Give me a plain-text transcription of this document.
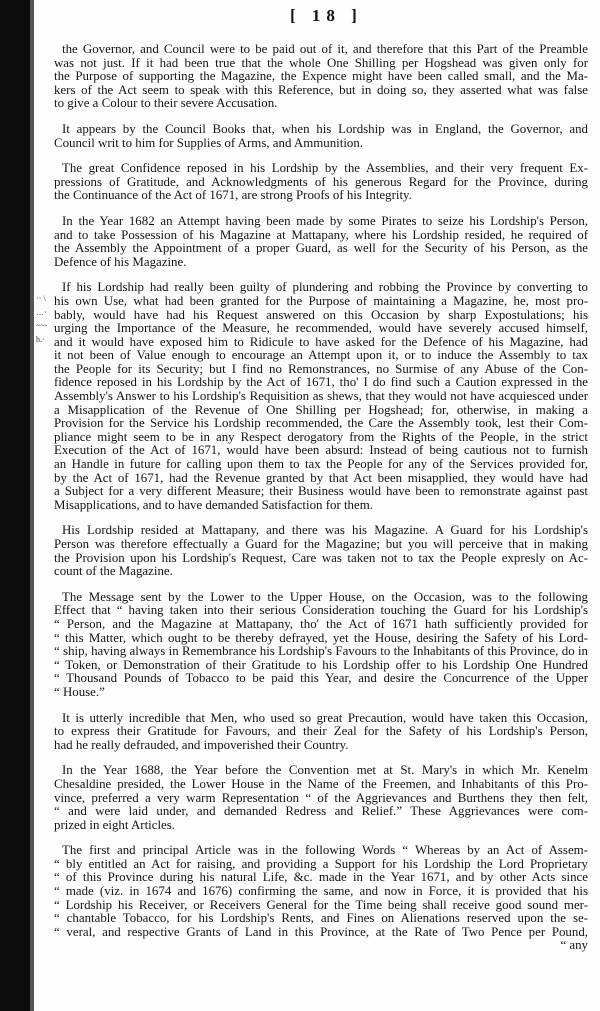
[ 18 ]
·· \
…·
~~-
h.·
the Governor, and Council were to be paid out of it, and therefore that this Part of the Preamble
was not just. If it had been true that the whole One Shilling per Hogshead was given only for
the Purpose of supporting the Magazine, the Expence might have been called small, and the Ma-
kers of the Act seem to speak with this Reference, but in doing so, they asserted what was false
to give a Colour to their severe Accusation.
It appears by the Council Books that, when his Lordship was in England, the Governor, and
Council writ to him for Supplies of Arms, and Ammunition.
The great Confidence reposed in his Lordship by the Assemblies, and their very frequent Ex-
pressions of Gratitude, and Acknowledgments of his generous Regard for the Province, during
the Continuance of the Act of 1671, are strong Proofs of his Integrity.
In the Year 1682 an Attempt having been made by some Pirates to seize his Lordship's Person,
and to take Possession of his Magazine at Mattapany, where his Lordship resided, he required of
the Assembly the Appointment of a proper Guard, as well for the Security of his Person, as the
Defence of his Magazine.
If his Lordship had really been guilty of plundering and robbing the Province by converting to
his own Use, what had been granted for the Purpose of maintaining a Magazine, he, most pro-
bably, would have had his Request answered on this Occasion by sharp Expostulations; his
urging the Importance of the Measure, he recommended, would have severely accused himself,
and it would have exposed him to Ridicule to have asked for the Defence of his Magazine, had
it not been of Value enough to encourage an Attempt upon it, or to induce the Assembly to tax
the People for its Security; but I find no Remonstrances, no Surmise of any Abuse of the Con-
fidence reposed in his Lordship by the Act of 1671, tho' I do find such a Caution expressed in the
Assembly's Answer to his Lordship's Requisition as shews, that they would not have acquiesced under
a Misapplication of the Revenue of One Shilling per Hogshead; for, otherwise, in making a
Provision for the Service his Lordship recommended, the Care the Assembly took, lest their Com-
pliance might seem to be in any Respect derogatory from the Rights of the People, in the strict
Execution of the Act of 1671, would have been absurd: Instead of being cautious not to furnish
an Handle in future for calling upon them to tax the People for any of the Services provided for,
by the Act of 1671, had the Revenue granted by that Act been misapplied, they would have had
a Subject for a very different Measure; their Business would have been to remonstrate against past
Misapplications, and to have demanded Satisfaction for them.
His Lordship resided at Mattapany, and there was his Magazine. A Guard for his Lordship's
Person was therefore effectually a Guard for the Magazine; but you will perceive that in making
the Provision upon his Lordship's Request, Care was taken not to tax the People expresly on Ac-
count of the Magazine.
The Message sent by the Lower to the Upper House, on the Occasion, was to the following
Effect that “ having taken into their serious Consideration touching the Guard for his Lordship's
“ Person, and the Magazine at Mattapany, tho' the Act of 1671 hath sufficiently provided for
“ this Matter, which ought to be thereby defrayed, yet the House, desiring the Safety of his Lord-
“ ship, having always in Remembrance his Lordship's Favours to the Inhabitants of this Province, do in
“ Token, or Demonstration of their Gratitude to his Lordship offer to his Lordship One Hundred
“ Thousand Pounds of Tobacco to be paid this Year, and desire the Concurrence of the Upper
“ House.”
It is utterly incredible that Men, who used so great Precaution, would have taken this Occasion,
to express their Gratitude for Favours, and their Zeal for the Safety of his Lordship's Person,
had he really defrauded, and impoverished their Country.
In the Year 1688, the Year before the Convention met at St. Mary's in which Mr. Kenelm
Chesaldine presided, the Lower House in the Name of the Freemen, and Inhabitants of this Pro-
vince, preferred a very warm Representation “ of the Aggrievances and Burthens they then felt,
“ and were laid under, and demanded Redress and Relief.” These Aggrievances were com-
prized in eight Articles.
The first and principal Article was in the following Words “ Whereas by an Act of Assem-
“ bly entitled an Act for raising, and providing a Support for his Lordship the Lord Proprietary
“ of this Province during his natural Life, &c. made in the Year 1671, and by other Acts since
“ made (viz. in 1674 and 1676) confirming the same, and now in Force, it is provided that his
“ Lordship his Receiver, or Receivers General for the Time being shall receive good sound mer-
“ chantable Tobacco, for his Lordship's Rents, and Fines on Alienations reserved upon the se-
“ veral, and respective Grants of Land in this Province, at the Rate of Two Pence per Pound,
“ any
